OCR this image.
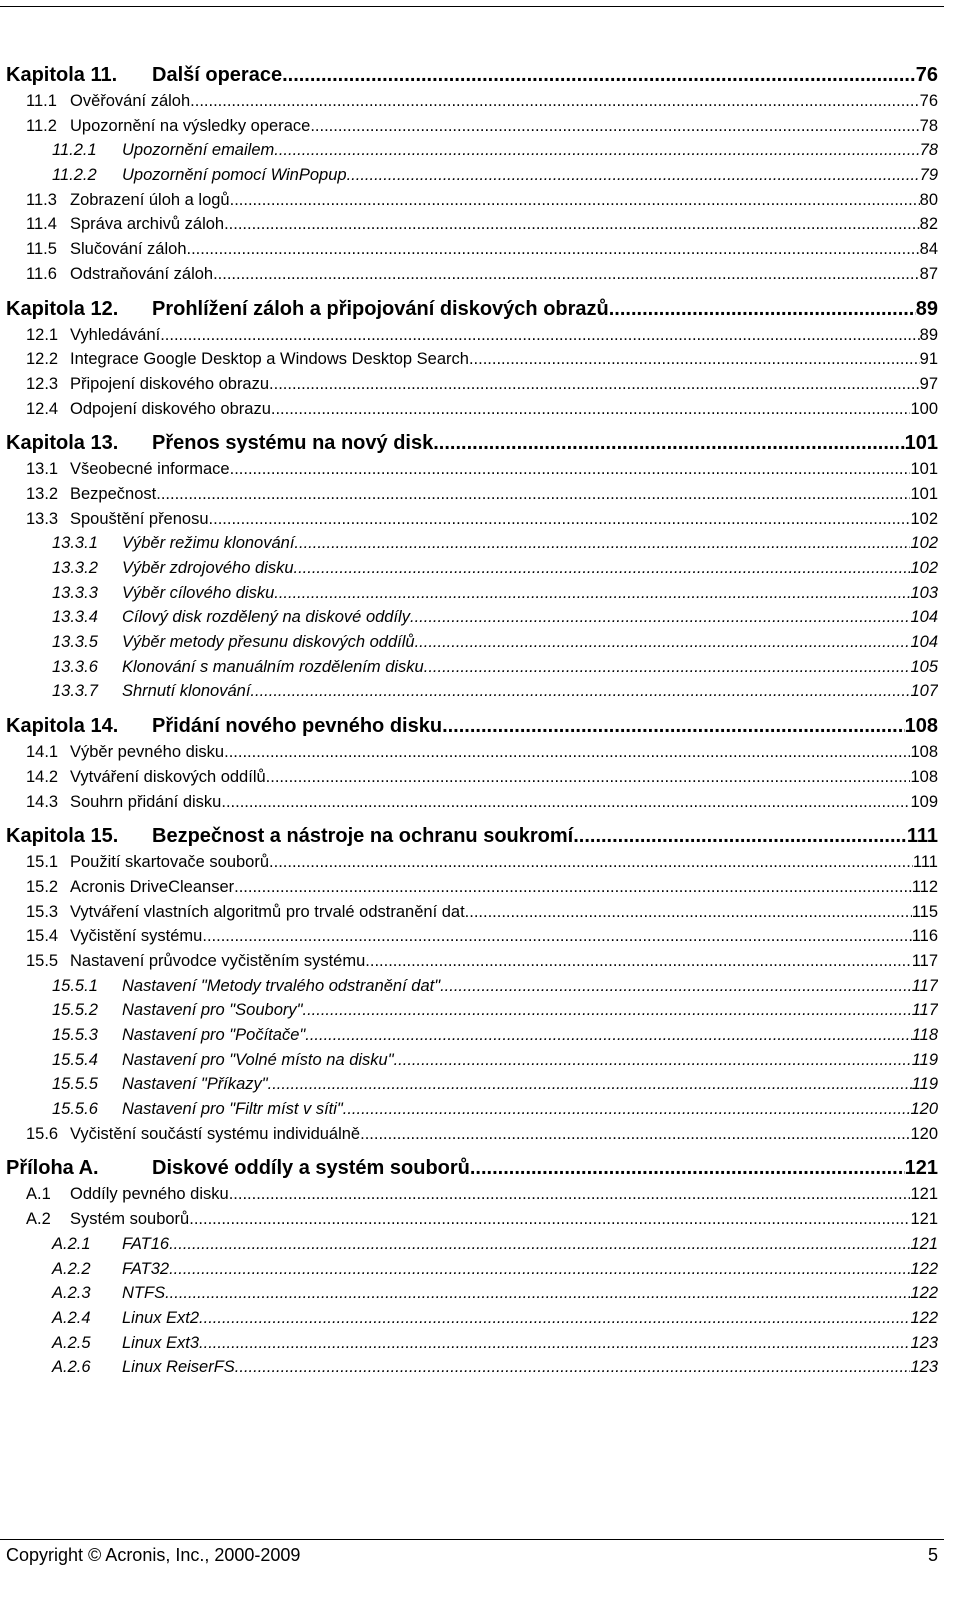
Kapitola 11.	Další operace .....	76
11.1 Ověřování záloh .....	76
11.2 Upozornění na výsledky operace .....	78
11.2.1	Upozornění emailem .....	78
11.2.2	Upozornění pomocí WinPopup .....	79
11.3 Zobrazení úloh a logů .....	80
11.4 Správa archivů záloh .....	82
11.5 Slučování záloh .....	84
11.6 Odstraňování záloh .....	87
Kapitola 12.	Prohlížení záloh a připojování diskových obrazů .....	89
12.1 Vyhledávání .....	89
12.2 Integrace Google Desktop a Windows Desktop Search .....	91
12.3 Připojení diskového obrazu .....	97
12.4 Odpojení diskového obrazu .....	100
Kapitola 13.	Přenos systému na nový disk .....	101
13.1 Všeobecné informace .....	101
13.2 Bezpečnost .....	101
13.3 Spouštění přenosu .....	102
13.3.1	Výběr režimu klonování .....	102
13.3.2	Výběr zdrojového disku .....	102
13.3.3	Výběr cílového disku .....	103
13.3.4	Cílový disk rozdělený na diskové oddíly .....	104
13.3.5	Výběr metody přesunu diskových oddílů .....	104
13.3.6	Klonování s manuálním rozdělením disku .....	105
13.3.7	Shrnutí klonování .....	107
Kapitola 14.	Přidání nového pevného disku .....	108
14.1 Výběr pevného disku .....	108
14.2 Vytváření diskových oddílů .....	108
14.3 Souhrn přidání disku .....	109
Kapitola 15.	Bezpečnost a nástroje na ochranu soukromí .....	111
15.1 Použití skartovače souborů .....	111
15.2 Acronis DriveCleanser .....	112
15.3 Vytváření vlastních algoritmů pro trvalé odstranění dat .....	115
15.4 Vyčistění systému .....	116
15.5 Nastavení průvodce vyčistěním systému .....	117
15.5.1	Nastavení "Metody trvalého odstranění dat" .....	117
15.5.2	Nastavení pro "Soubory" .....	117
15.5.3	Nastavení pro "Počítače" .....	118
15.5.4	Nastavení pro "Volné místo na disku" .....	119
15.5.5	Nastavení "Příkazy" .....	119
15.5.6	Nastavení pro "Filtr míst v síti" .....	120
15.6 Vyčistění součástí systému individuálně .....	120
Příloha A.	Diskové oddíly a systém souborů .....	121
A.1	Oddíly pevného disku .....	121
A.2	Systém souborů .....	121
A.2.1	FAT16 .....	121
A.2.2	FAT32 .....	122
A.2.3	NTFS .....	122
A.2.4	Linux Ext2 .....	122
A.2.5	Linux Ext3 .....	123
A.2.6	Linux ReiserFS .....	123
Copyright © Acronis, Inc., 2000-2009	5
